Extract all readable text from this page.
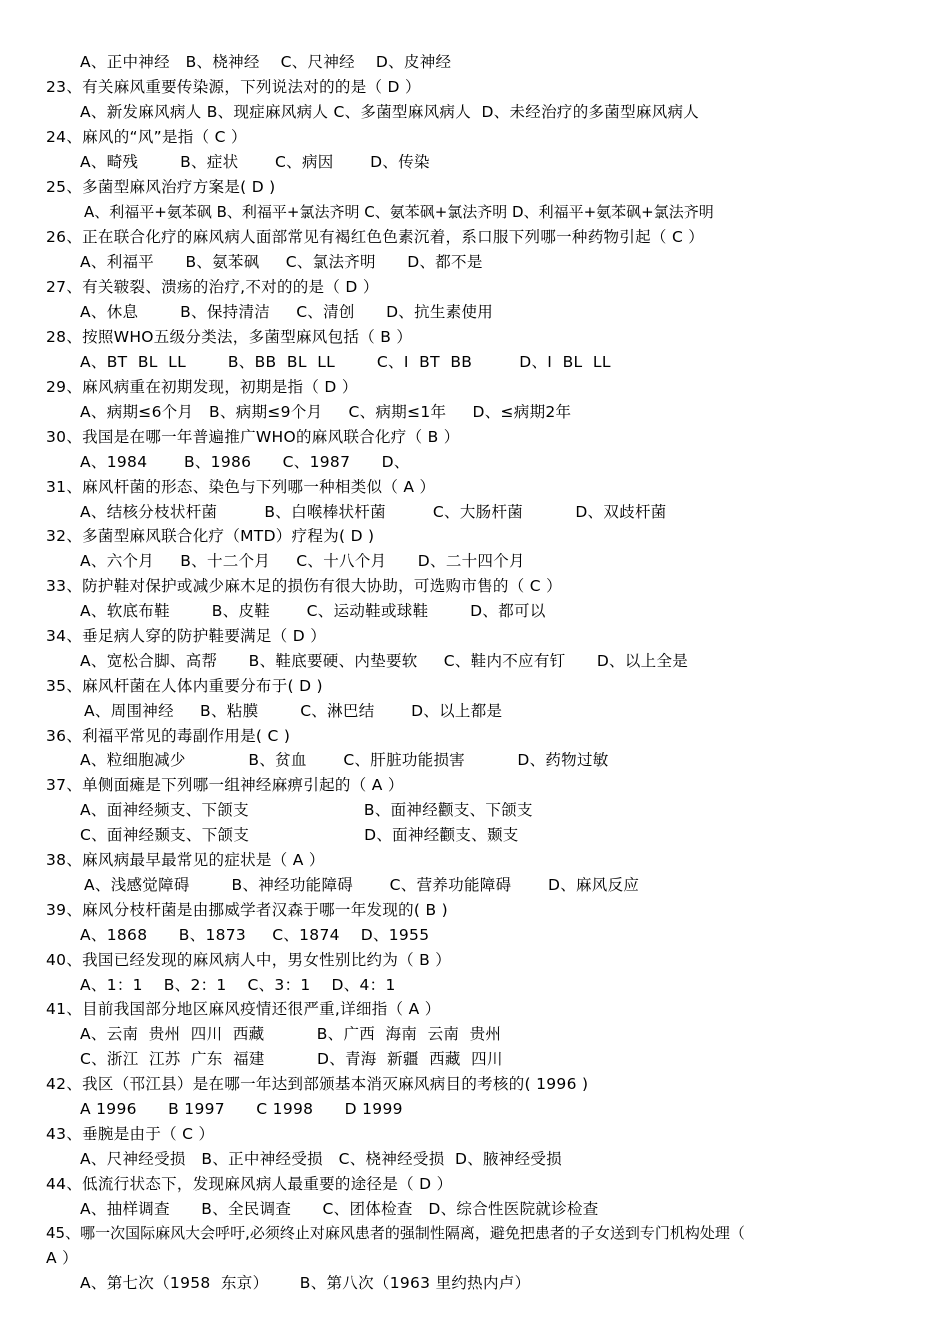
A、正中神经   B、桡神经    C、尺神经    D、皮神经
23、有关麻风重要传染源，下列说法对的的是（ D ）
A、新发麻风病人 B、现症麻风病人 C、多菌型麻风病人  D、未经治疗的多菌型麻风病人
24、麻风的“风”是指（ C ）
A、畸残        B、症状       C、病因       D、传染
25、多菌型麻风治疗方案是( D )
A、利福平+氨苯砜 B、利福平+氯法齐明 C、氨苯砜+氯法齐明 D、利福平+氨苯砜+氯法齐明
26、正在联合化疗的麻风病人面部常见有褐红色色素沉着，系口服下列哪一种药物引起（ C ）
A、利福平      B、氨苯砜     C、氯法齐明      D、都不是
27、有关皲裂、溃疡的治疗,不对的的是（ D ）
A、休息        B、保持清洁     C、清创      D、抗生素使用
28、按照WHO五级分类法，多菌型麻风包括（ B ）
A、BT  BL  LL        B、BB  BL  LL        C、I  BT  BB         D、I  BL  LL
29、麻风病重在初期发现，初期是指（ D ）
A、病期≤6个月   B、病期≤9个月     C、病期≤1年     D、≤病期2年
30、我国是在哪一年普遍推广WHO的麻风联合化疗（ B ）
A、1984       B、1986      C、1987      D、
31、麻风杆菌的形态、染色与下列哪一种相类似（ A ）
A、结核分枝状杆菌         B、白喉棒状杆菌         C、大肠杆菌          D、双歧杆菌
32、多菌型麻风联合化疗（MTD）疗程为( D )
A、六个月     B、十二个月     C、十八个月      D、二十四个月
33、防护鞋对保护或减少麻木足的损伤有很大协助，可选购市售的（ C ）
A、软底布鞋        B、皮鞋       C、运动鞋或球鞋        D、都可以
34、垂足病人穿的防护鞋要满足（ D ）
A、宽松合脚、高帮      B、鞋底要硬、内垫要软     C、鞋内不应有钉      D、以上全是
35、麻风杆菌在人体内重要分布于( D )
A、周围神经     B、粘膜        C、淋巴结       D、以上都是
36、利福平常见的毒副作用是( C )
A、粒细胞减少            B、贫血       C、肝脏功能损害          D、药物过敏
37、单侧面瘫是下列哪一组神经麻痹引起的（ A ）
A、面神经频支、下颌支                      B、面神经颧支、下颌支
C、面神经颞支、下颌支                      D、面神经颧支、颞支
38、麻风病最早最常见的症状是（ A ）
A、浅感觉障碍        B、神经功能障碍       C、营养功能障碍       D、麻风反应
39、麻风分枝杆菌是由挪威学者汉森于哪一年发现的( B )
A、1868      B、1873     C、1874    D、1955
40、我国已经发现的麻风病人中，男女性别比约为（ B ）
A、1：1    B、2：1    C、3：1    D、4：1
41、目前我国部分地区麻风疫情还很严重,详细指（ A ）
A、云南  贵州  四川  西藏          B、广西  海南  云南  贵州
C、浙江  江苏  广东  福建          D、青海  新疆  西藏  四川
42、我区（邗江县）是在哪一年达到部颁基本消灭麻风病目的考核的( 1996 )
A 1996      B 1997      C 1998      D 1999
43、垂腕是由于（ C ）
A、尺神经受损   B、正中神经受损   C、桡神经受损  D、腋神经受损
44、低流行状态下，发现麻风病人最重要的途径是（ D ）
A、抽样调查      B、全民调查      C、团体检查   D、综合性医院就诊检查
45、哪一次国际麻风大会呼吁,必须终止对麻风患者的强制性隔离，避免把患者的子女送到专门机构处理（
A ）
A、第七次（1958  东京）      B、第八次（1963 里约热内卢）
